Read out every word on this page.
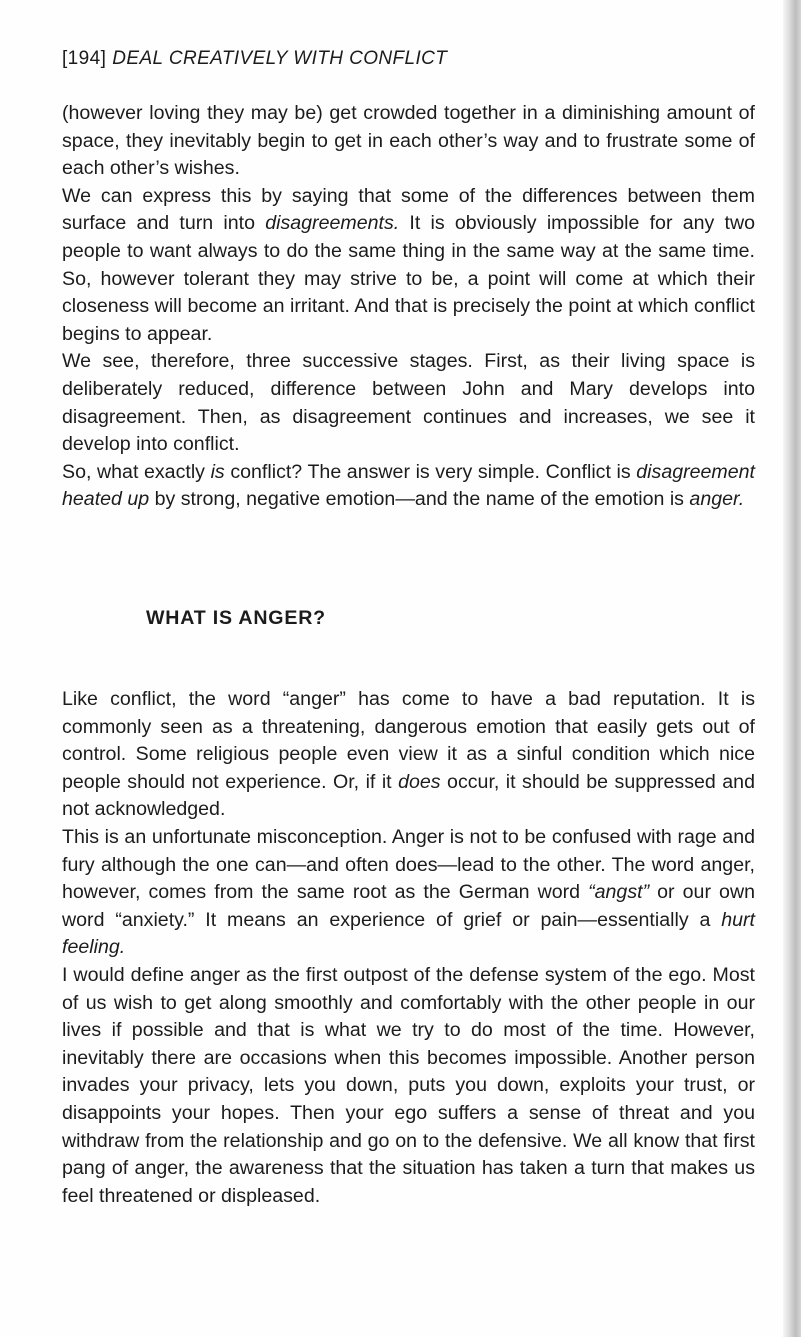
[194] DEAL CREATIVELY WITH CONFLICT

(however loving they may be) get crowded together in a diminishing amount of space, they inevitably begin to get in each other’s way and to frustrate some of each other’s wishes.

We can express this by saying that some of the differences between them surface and turn into disagreements. It is obviously impossible for any two people to want always to do the same thing in the same way at the same time. So, however tolerant they may strive to be, a point will come at which their closeness will become an irritant. And that is precisely the point at which conflict begins to appear.

We see, therefore, three successive stages. First, as their living space is deliberately reduced, difference between John and Mary develops into disagreement. Then, as disagreement continues and increases, we see it develop into conflict.

So, what exactly is conflict? The answer is very simple. Conflict is disagreement heated up by strong, negative emotion—and the name of the emotion is anger.

WHAT IS ANGER?

Like conflict, the word “anger” has come to have a bad reputation. It is commonly seen as a threatening, dangerous emotion that easily gets out of control. Some religious people even view it as a sinful condition which nice people should not experience. Or, if it does occur, it should be suppressed and not acknowledged.

This is an unfortunate misconception. Anger is not to be confused with rage and fury although the one can—and often does—lead to the other. The word anger, however, comes from the same root as the German word “angst” or our own word “anxiety.” It means an experience of grief or pain—essentially a hurt feeling.

I would define anger as the first outpost of the defense system of the ego. Most of us wish to get along smoothly and comfortably with the other people in our lives if possible and that is what we try to do most of the time. However, inevitably there are occasions when this becomes impossible. Another person invades your privacy, lets you down, puts you down, exploits your trust, or disappoints your hopes. Then your ego suffers a sense of threat and you withdraw from the relationship and go on to the defensive. We all know that first pang of anger, the awareness that the situation has taken a turn that makes us feel threatened or displeased.
